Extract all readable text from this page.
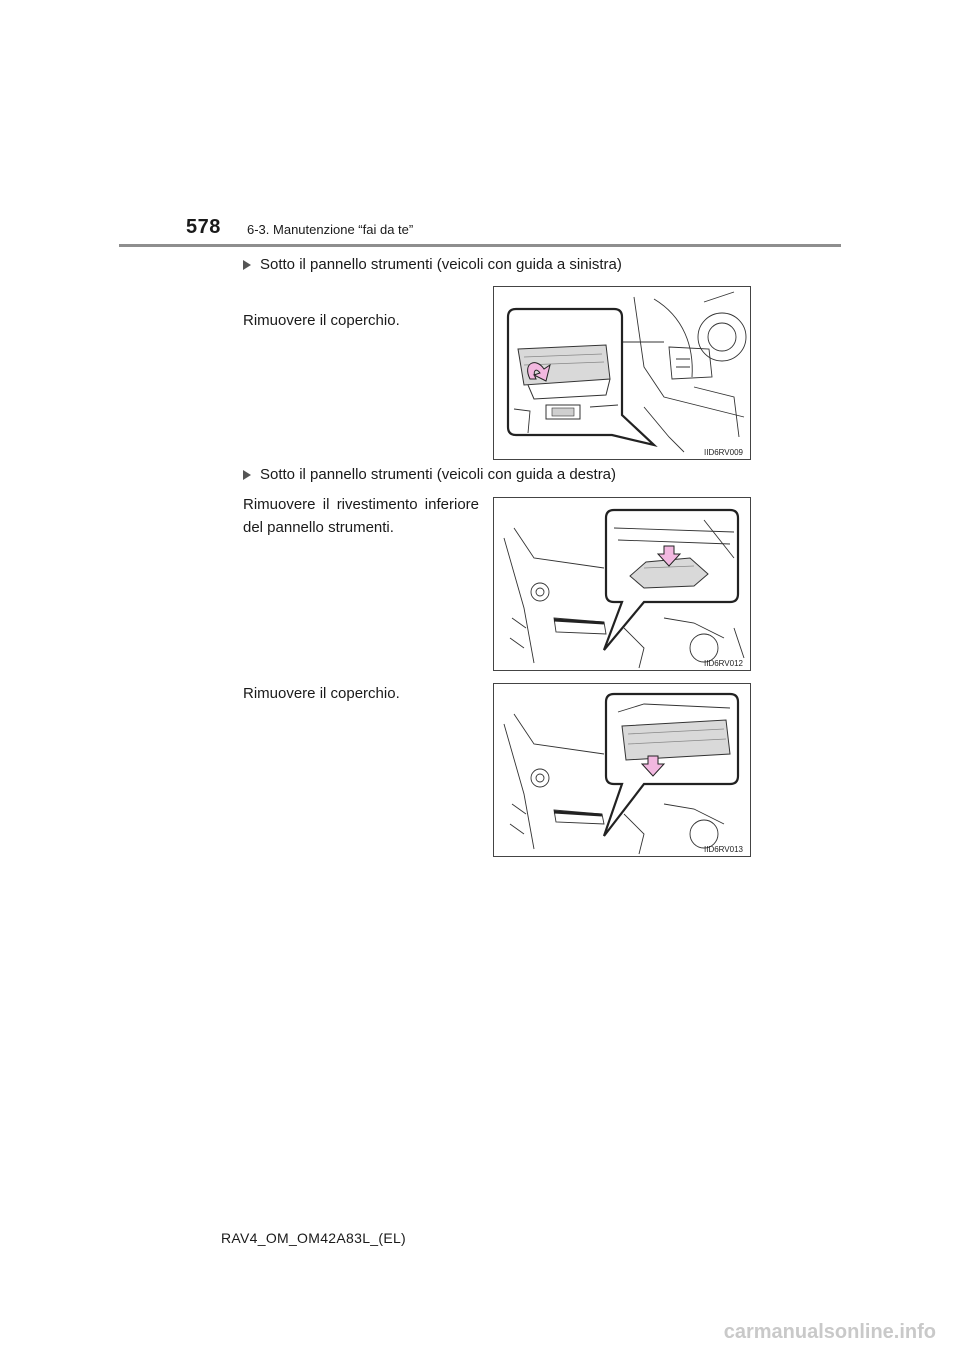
578 6-3. Manutenzione “fai da te”
Sotto il pannello strumenti (veicoli con guida a sinistra)
Rimuovere il coperchio.
IID6RV009
Sotto il pannello strumenti (veicoli con guida a destra)
Rimuovere il rivestimento inferiore
del pannello strumenti.
IID6RV012
Rimuovere il coperchio.
IID6RV013
RAV4_OM_OM42A83L_(EL)
carmanualsonline.info
